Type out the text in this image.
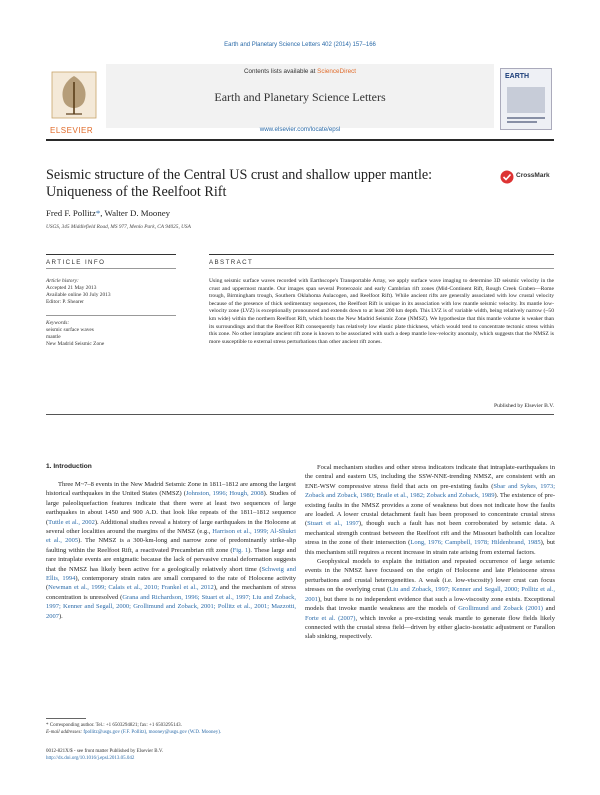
Earth and Planetary Science Letters 402 (2014) 157–166
ELSEVIER
Contents lists available at ScienceDirect
Earth and Planetary Science Letters
www.elsevier.com/locate/epsl
EARTH
Seismic structure of the Central US crust and shallow upper mantle: Uniqueness of the Reelfoot Rift
CrossMark
Fred F. Pollitz*, Walter D. Mooney
USGS, 345 Middlefield Road, MS 977, Menlo Park, CA 94025, USA
ARTICLE INFO	ABSTRACT
Article history:
Accepted 21 May 2013
Available online 30 July 2013
Editor: P. Shearer
Keywords:
seismic surface waves
mantle
New Madrid Seismic Zone
Using seismic surface waves recorded with Earthscope's Transportable Array, we apply surface wave imaging to determine 3D seismic velocity in the crust and uppermost mantle. Our images span several Proterozoic and early Cambrian rift zones (Mid-Continent Rift, Rough Creek Graben—Rome trough, Birmingham trough, Southern Oklahoma Aulacogen, and Reelfoot Rift). While ancient rifts are generally associated with low crustal velocity because of the presence of thick sedimentary sequences, the Reelfoot Rift is unique in its association with low mantle seismic velocity. Its mantle low-velocity zone (LVZ) is exceptionally pronounced and extends down to at least 200 km depth. This LVZ is of variable width, being relatively narrow (~50 km wide) within the northern Reelfoot Rift, which hosts the New Madrid Seismic Zone (NMSZ). We hypothesize that this mantle volume is weaker than its surroundings and that the Reelfoot Rift consequently has relatively low elastic plate thickness, which would tend to concentrate tectonic stress within this zone. No other intraplate ancient rift zone is known to be associated with such a deep mantle low-velocity anomaly, which suggests that the NMSZ is more susceptible to external stress perturbations than other ancient rift zones.
Published by Elsevier B.V.
1. Introduction

Three M~7–8 events in the New Madrid Seismic Zone in 1811–1812 are among the largest historical earthquakes in the United States (NMSZ) (Johnston, 1996; Hough, 2008). Studies of large paleoliquefaction features indicate that there were at least two sequences of large earthquakes in about 1450 and 900 A.D. that look like repeats of the 1811–1812 sequence (Tuttle et al., 2002). Additional studies reveal a history of large earthquakes in the Holocene at several other localities around the margins of the NMSZ (e.g., Harrison et al., 1999; Al-Shukri et al., 2005). The NMSZ is a 300-km-long and narrow zone of predominantly strike-slip faulting within the Reelfoot Rift, a reactivated Precambrian rift zone (Fig. 1). These large and rare intraplate events are enigmatic because the lack of pervasive crustal deformation suggests that the NMSZ has likely been active for a geologically relatively short time (Schweig and Ellis, 1994), contemporary strain rates are small compared to the rate of Holocene activity (Newman et al., 1999; Calais et al., 2010; Frankel et al., 2012), and the mechanism of stress concentration is unresolved (Grana and Richardson, 1996; Stuart et al., 1997; Liu and Zoback, 1997; Kenner and Segall, 2000; Grollimund and Zoback, 2001; Pollitz et al., 2001; Mazzotti, 2007).

Focal mechanism studies and other stress indicators indicate that intraplate-earthquakes in the central and eastern US, including the SSW-NNE-trending NMSZ, are consistent with an ENE-WSW compressive stress field that acts on pre-existing faults (Sbar and Sykes, 1973; Zoback and Zoback, 1980; Braile et al., 1982; Zoback and Zoback, 1989). The existence of pre-existing faults in the NMSZ provides a zone of weakness but does not indicate how the faults are loaded. A lower crustal detachment fault has been proposed to concentrate crustal stress (Stuart et al., 1997), though such a fault has not been corroborated by seismic data. A mechanical strength contrast between the Reelfoot rift and the Missouri batholith can localize stress in the zone of their intersection (Long, 1976; Campbell, 1978; Hildenbrand, 1985), but this mechanism still requires a recent increase in strain rate arising from external factors.

Geophysical models to explain the initiation and repeated occurrence of large seismic events in the NMSZ have focussed on the origin of Holocene and late Pleistocene stress perturbations and crustal heterogeneities. A weak (i.e. low-viscosity) lower crust can focus stresses on the overlying crust (Liu and Zoback, 1997; Kenner and Segall, 2000; Pollitz et al., 2001), but there is no independent evidence that such a low-viscosity zone exists. Exceptional models that invoke mantle weakness are the models of Grollimund and Zoback (2001) and Forte et al. (2007), which invoke a pre-existing weak mantle to generate flow fields likely connected with the crustal stress field—driven by either glacio-isostatic adjustment or Farallon slab sinking, respectively.

* Corresponding author. Tel.: +1 6503294821; fax: +1 6503295143.
E-mail addresses: fpollitz@usgs.gov (F.F. Pollitz), mooney@usgs.gov (W.D. Mooney).
0012-821X/$ - see front matter Published by Elsevier B.V.
http://dx.doi.org/10.1016/j.epsl.2013.05.042
